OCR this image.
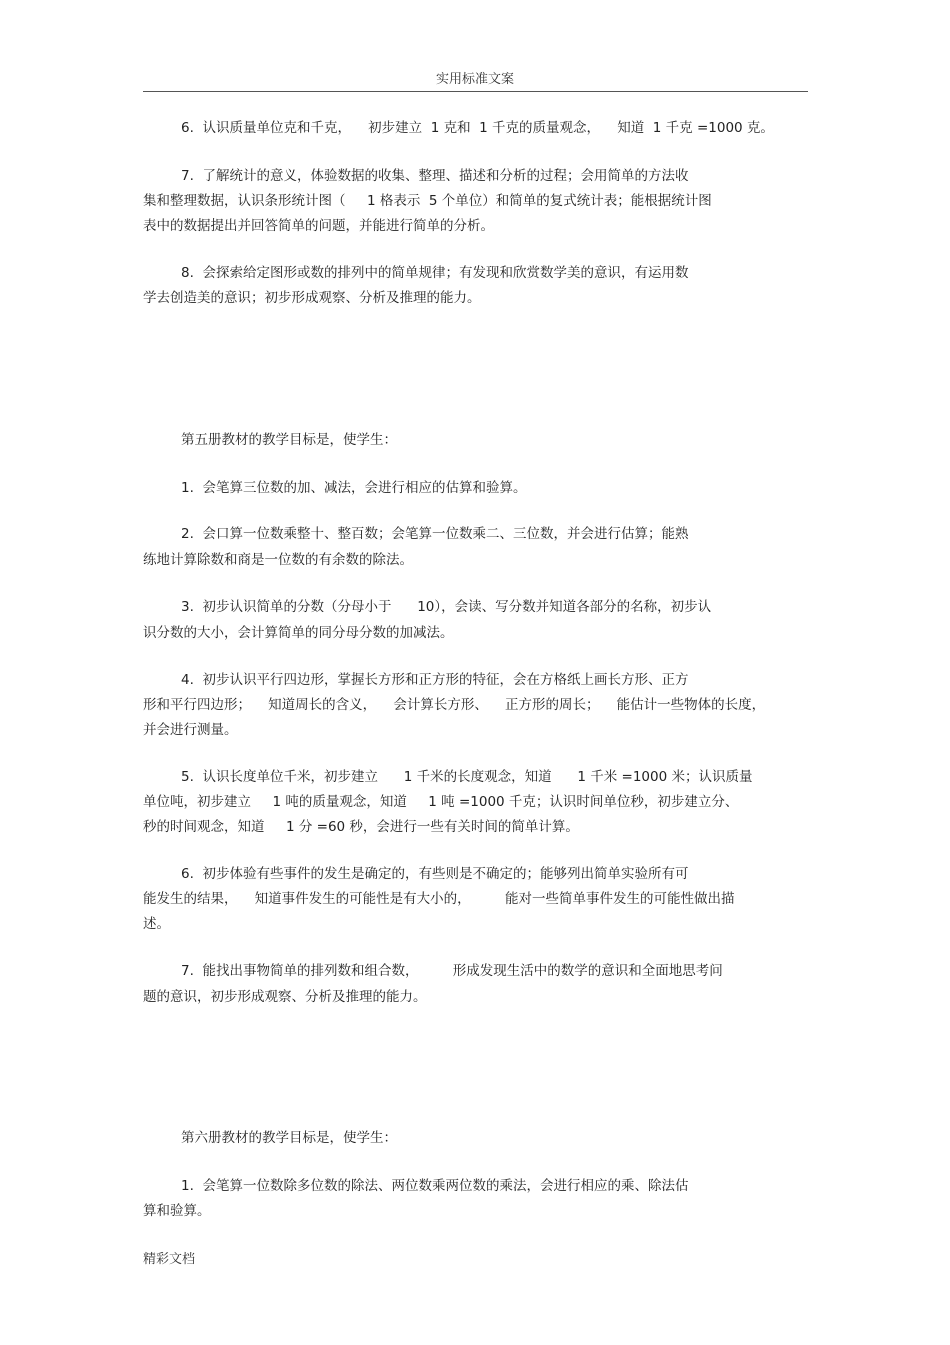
实用标准文案
6.  认识质量单位克和千克，    初步建立  1 克和  1 千克的质量观念，    知道  1 千克 =1000 克。
7.  了解统计的意义，体验数据的收集、整理、描述和分析的过程；会用简单的方法收
集和整理数据，认识条形统计图（     1 格表示  5 个单位）和简单的复式统计表；能根据统计图
表中的数据提出并回答简单的问题，并能进行简单的分析。
8.  会探索给定图形或数的排列中的简单规律；有发现和欣赏数学美的意识，有运用数
学去创造美的意识；初步形成观察、分析及推理的能力。
第五册教材的教学目标是，使学生：
1.  会笔算三位数的加、减法，会进行相应的估算和验算。
2.  会口算一位数乘整十、整百数；会笔算一位数乘二、三位数，并会进行估算；能熟
练地计算除数和商是一位数的有余数的除法。
3.  初步认识简单的分数（分母小于      10），会读、写分数并知道各部分的名称，初步认
识分数的大小，会计算简单的同分母分数的加减法。
4.  初步认识平行四边形，掌握长方形和正方形的特征，会在方格纸上画长方形、正方
形和平行四边形；    知道周长的含义，    会计算长方形、    正方形的周长；    能估计一些物体的长度，
并会进行测量。
5.  认识长度单位千米，初步建立      1 千米的长度观念，知道      1 千米 =1000 米；认识质量
单位吨，初步建立     1 吨的质量观念，知道     1 吨 =1000 千克；认识时间单位秒，初步建立分、
秒的时间观念，知道     1 分 =60 秒，会进行一些有关时间的简单计算。
6.  初步体验有些事件的发生是确定的，有些则是不确定的；能够列出简单实验所有可
能发生的结果，    知道事件发生的可能性是有大小的，        能对一些简单事件发生的可能性做出描
述。
7.  能找出事物简单的排列数和组合数，        形成发现生活中的数学的意识和全面地思考问
题的意识，初步形成观察、分析及推理的能力。
第六册教材的教学目标是，使学生：
1.  会笔算一位数除多位数的除法、两位数乘两位数的乘法，会进行相应的乘、除法估
算和验算。
精彩文档
